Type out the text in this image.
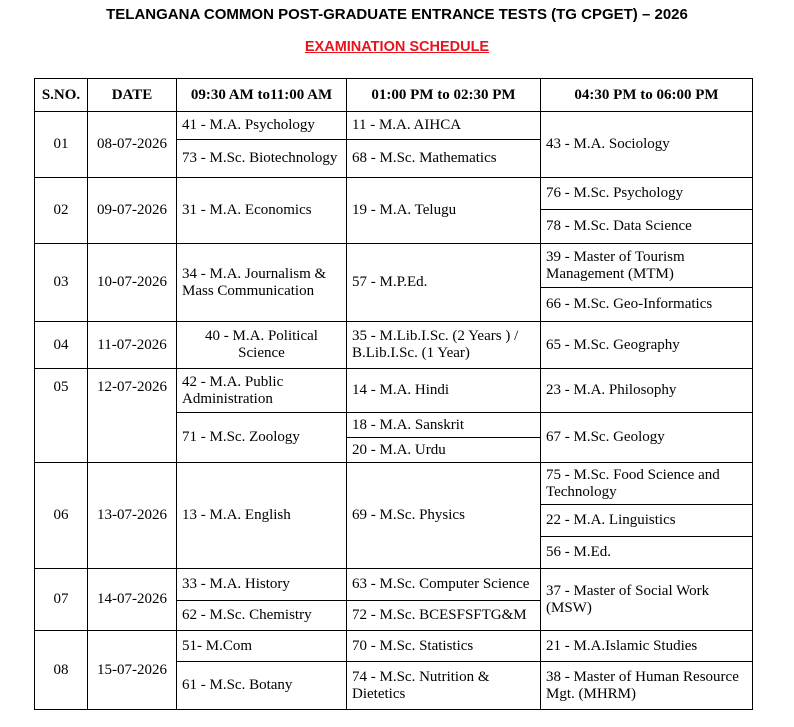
TELANGANA COMMON POST-GRADUATE ENTRANCE TESTS (TG CPGET) – 2026
EXAMINATION SCHEDULE
S.NO.	DATE	09:30 AM to11:00 AM	01:00 PM to 02:30 PM	04:30 PM to 06:00 PM
01	08-07-2026	41 - M.A. Psychology	11 - M.A. AIHCA	43 - M.A. Sociology
		73 - M.Sc. Biotechnology	68 - M.Sc. Mathematics	
02	09-07-2026	31 - M.A. Economics	19 - M.A. Telugu	76 - M.Sc. Psychology
				78 - M.Sc. Data Science
03	10-07-2026	34 - M.A. Journalism & Mass Communication	57 - M.P.Ed.	39 - Master of Tourism Management (MTM)
				66 - M.Sc. Geo-Informatics
04	11-07-2026	40 - M.A. Political Science	35 - M.Lib.I.Sc. (2 Years ) / B.Lib.I.Sc. (1 Year)	65 - M.Sc. Geography
05	12-07-2026	42 - M.A. Public Administration	14 - M.A. Hindi	23 - M.A. Philosophy
		71 - M.Sc. Zoology	18 - M.A. Sanskrit	67 - M.Sc. Geology
			20 - M.A. Urdu	
06	13-07-2026	13 - M.A. English	69 - M.Sc. Physics	75 - M.Sc. Food Science and Technology
				22 - M.A. Linguistics
				56 - M.Ed.
07	14-07-2026	33 - M.A. History	63 - M.Sc. Computer Science	37 - Master of Social Work (MSW)
		62 - M.Sc. Chemistry	72 - M.Sc. BCESFSFTG&M	
08	15-07-2026	51- M.Com	70 - M.Sc. Statistics	21 - M.A.Islamic Studies
		61 - M.Sc. Botany	74 - M.Sc. Nutrition & Dietetics	38 - Master of Human Resource Mgt. (MHRM)
